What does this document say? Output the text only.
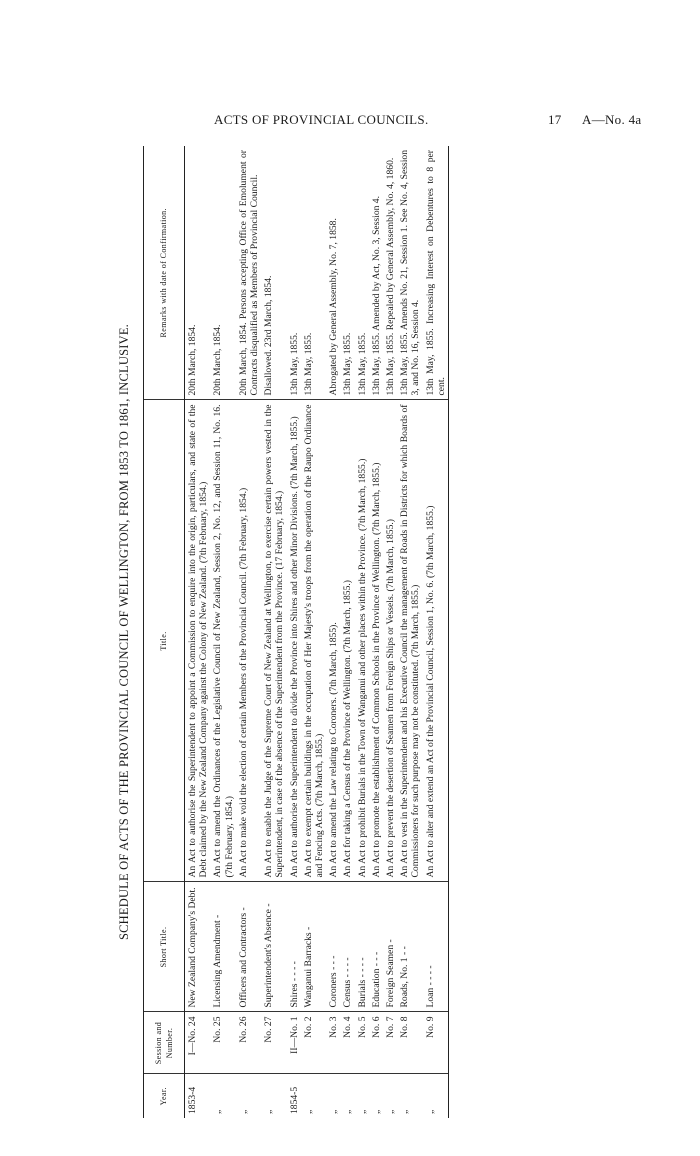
ACTS OF PROVINCIAL COUNCILS.	17 A—No. 4a
SCHEDULE OF ACTS OF THE PROVINCIAL COUNCIL OF WELLINGTON, FROM 1853 TO 1861, INCLUSIVE.
Year.	Session and Number.	Short Title.	Title.	Remarks with date of Confirmation.
1853-4	I—No. 24	New Zealand Company's Debt.	An Act to authorise the Superintendent to appoint a Commission to enquire into the origin, particulars, and state of the Debt claimed by the New Zealand Company against the Colony of New Zealand. (7th February, 1854.)	20th March, 1854.
„	No. 25	Licensing Amendment -	An Act to amend the Ordinances of the Legislative Council of New Zealand, Session 2, No. 12, and Session 11, No. 16. (7th February, 1854.)	20th March, 1854.
„	No. 26	Officers and Contractors -	An Act to make void the election of certain Members of the Provincial Council. (7th February, 1854.)	20th March, 1854. Persons accepting Office of Emolument or Contracts disqualified as Members of Provincial Council.
„	No. 27	Superintendent's Absence -	An Act to enable the Judge of the Supreme Court of New Zealand at Wellington, to exercise certain powers vested in the Superintendent, in case of the absence of the Superintendent from the Province. (17 February, 1854.)	Disallowed. 23rd March, 1854.
1854-5	II—No. 1	Shires - - - -	An Act to authorise the Superintendent to divide the Province into Shires and other Minor Divisions. (7th March, 1855.)	13th May, 1855.
„	No. 2	Wanganui Barracks -	An Act to exempt certain buildings in the occupation of Her Majesty's troops from the operation of the Raupo Ordinance and Fencing Acts. (7th March, 1855.)	13th May, 1855.
„	No. 3	Coroners - - -	An Act to amend the Law relating to Coroners. (7th March, 1855).	Abrogated by General Assembly, No. 7, 1858.
„	No. 4	Census - - - -	An Act for taking a Census of the Province of Wellington. (7th March, 1855.)	13th May, 1855.
„	No. 5	Burials - - - -	An Act to prohibit Burials in the Town of Wanganui and other places within the Province. (7th March, 1855.)	13th May, 1855.
„	No. 6	Education - - -	An Act to promote the establishment of Common Schools in the Province of Wellington. (7th March, 1855.)	13th May, 1855. Amended by Act, No. 3, Session 4.
„	No. 7	Foreign Seamen -	An Act to prevent the desertion of Seamen from Foreign Ships or Vessels. (7th March, 1855.)	13th May, 1855. Repealed by General Assembly, No. 4, 1860.
„	No. 8	Roads, No. 1 - -	An Act to vest in the Superintendent and his Executive Council the management of Roads in Districts for which Boards of Commissioners for such purpose may not be constituted. (7th March, 1855.)	13th May, 1855. Amends No. 21, Session 1. See No. 4, Session 3, and No. 16, Session 4.
„	No. 9	Loan - - - -	An Act to alter and extend an Act of the Provincial Council, Session 1, No. 6. (7th March, 1855.)	13th May, 1855. Increasing Interest on Debentures to 8 per cent.
